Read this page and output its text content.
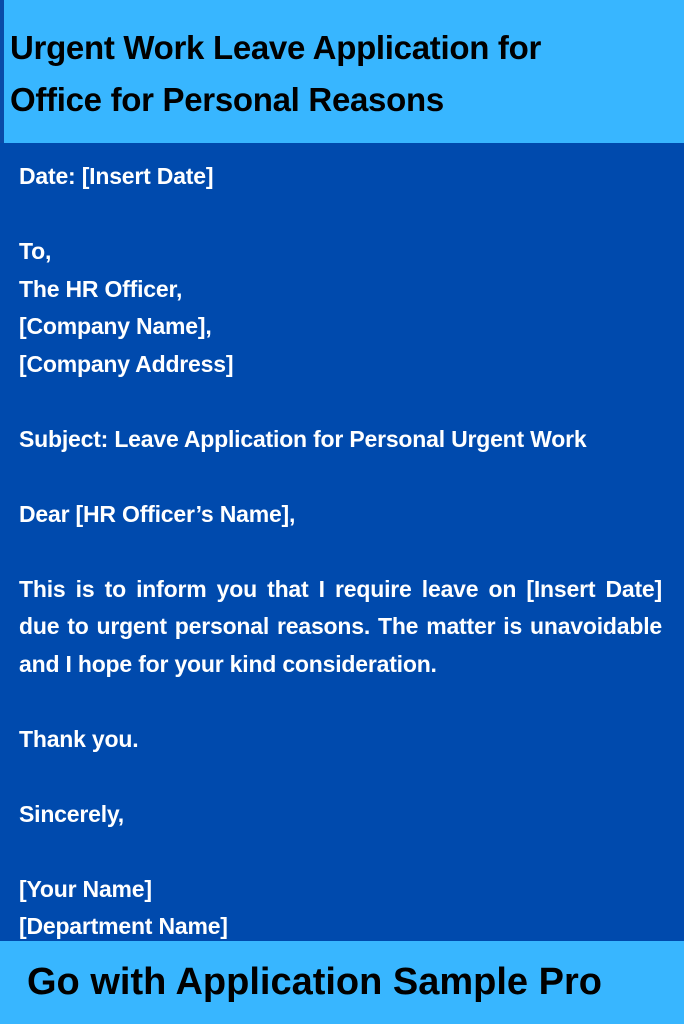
Urgent Work Leave Application for
Office for Personal Reasons

Date: [Insert Date]

To,

The HR Officer,

[Company Name],

[Company Address]

Subject: Leave Application for Personal Urgent Work

Dear [HR Officer’s Name],

This is to inform you that I require leave on [Insert Date] due to urgent personal reasons. The matter is unavoidable and I hope for your kind consideration.

Thank you.

Sincerely,

[Your Name]

[Department Name]

Go with Application Sample Pro
